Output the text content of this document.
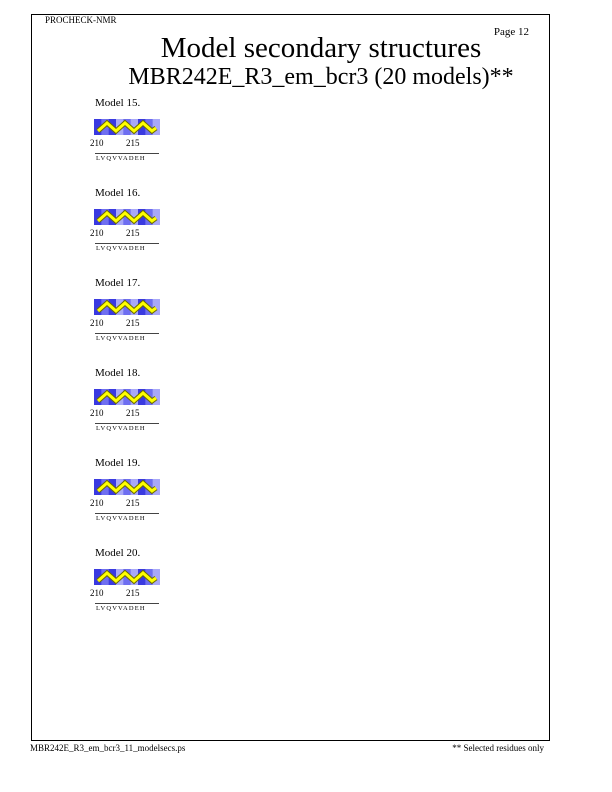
PROCHECK-NMR
Page 12
Model secondary structures
MBR242E_R3_em_bcr3 (20 models)**
Model 15.
210	215
LVQVVADEH
Model 16.
210	215
LVQVVADEH
Model 17.
210	215
LVQVVADEH
Model 18.
210	215
LVQVVADEH
Model 19.
210	215
LVQVVADEH
Model 20.
210	215
LVQVVADEH
MBR242E_R3_em_bcr3_11_modelsecs.ps	** Selected residues only
